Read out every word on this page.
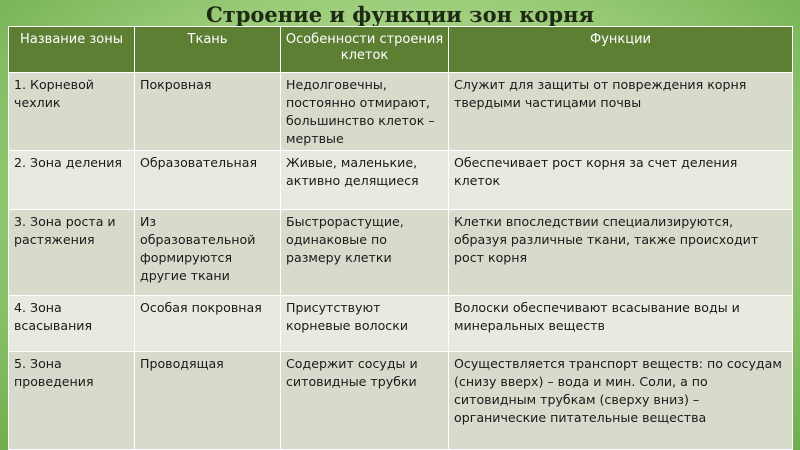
Строение и функции зон корня
Название зоны	Ткань	Особенности строения клеток	Функции
1. Корневой чехлик	Покровная	Недолговечны, постоянно отмирают, большинство клеток – мертвые	Служит для защиты от повреждения корня твердыми частицами почвы
2. Зона деления	Образовательная	Живые, маленькие, активно делящиеся	Обеспечивает рост корня за счет деления клеток
3. Зона роста и растяжения	Из образовательной формируются другие ткани	Быстрорастущие, одинаковые по размеру клетки	Клетки впоследствии специализируются, образуя различные ткани, также происходит рост корня
4. Зона всасывания	Особая покровная	Присутствуют корневые волоски	Волоски обеспечивают всасывание воды и минеральных веществ
5. Зона проведения	Проводящая	Содержит сосуды и ситовидные трубки	Осуществляется транспорт веществ: по сосудам (снизу вверх) – вода и мин. Соли, а по ситовидным трубкам (сверху вниз) – органические питательные вещества
